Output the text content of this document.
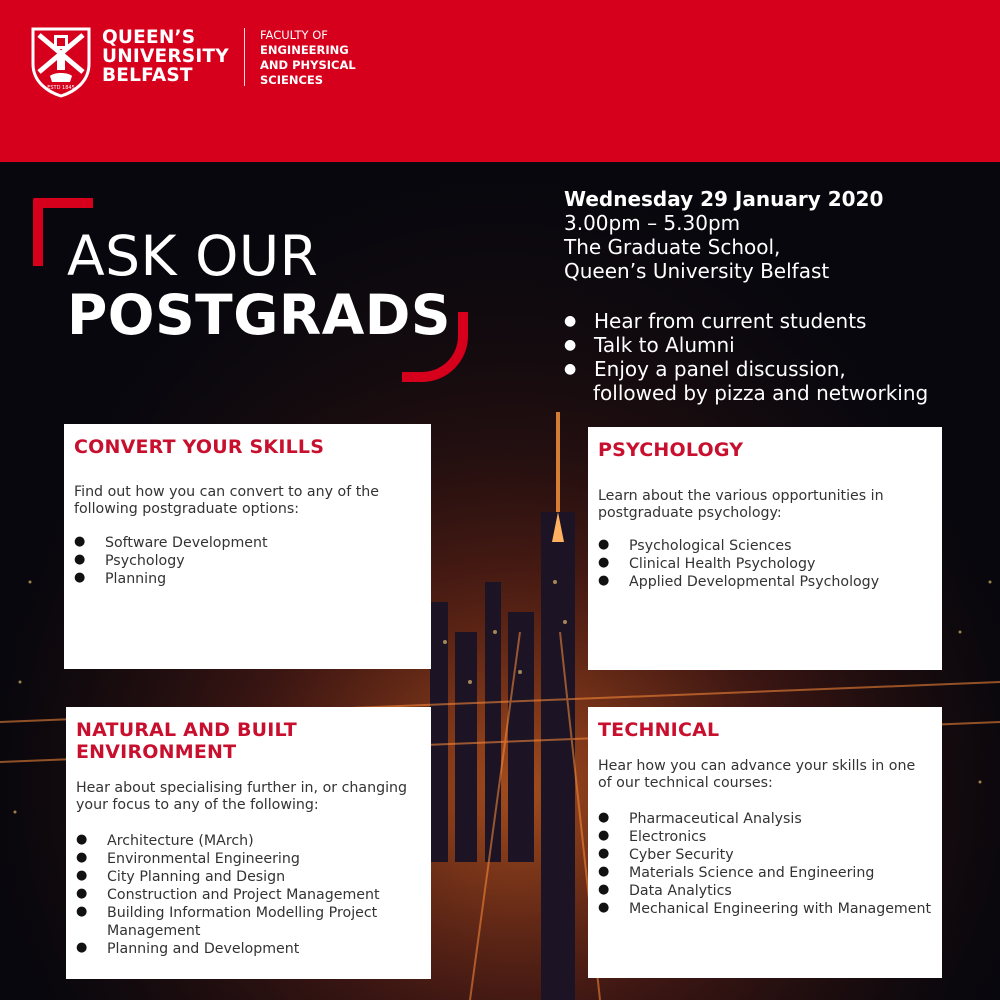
ESTD 1845
QUEEN’S
UNIVERSITY
BELFAST
FACULTY OF
ENGINEERING
AND PHYSICAL
SCIENCES
ASK OUR
POSTGRADS
Wednesday 29 January 2020
3.00pm – 5.30pm
The Graduate School,
Queen’s University Belfast
● Hear from current students
● Talk to Alumni
● Enjoy a panel discussion,
followed by pizza and networking
CONVERT YOUR SKILLS

Find out how you can convert to any of the following postgraduate options:

● Software Development
● Psychology
● Planning
PSYCHOLOGY

Learn about the various opportunities in postgraduate psychology:

● Psychological Sciences
● Clinical Health Psychology
● Applied Developmental Psychology
NATURAL AND BUILT ENVIRONMENT

Hear about specialising further in, or changing your focus to any of the following:

● Architecture (MArch)
● Environmental Engineering
● City Planning and Design
● Construction and Project Management
● Building Information Modelling Project Management
● Planning and Development
TECHNICAL

Hear how you can advance your skills in one of our technical courses:

● Pharmaceutical Analysis
● Electronics
● Cyber Security
● Materials Science and Engineering
● Data Analytics
● Mechanical Engineering with Management
